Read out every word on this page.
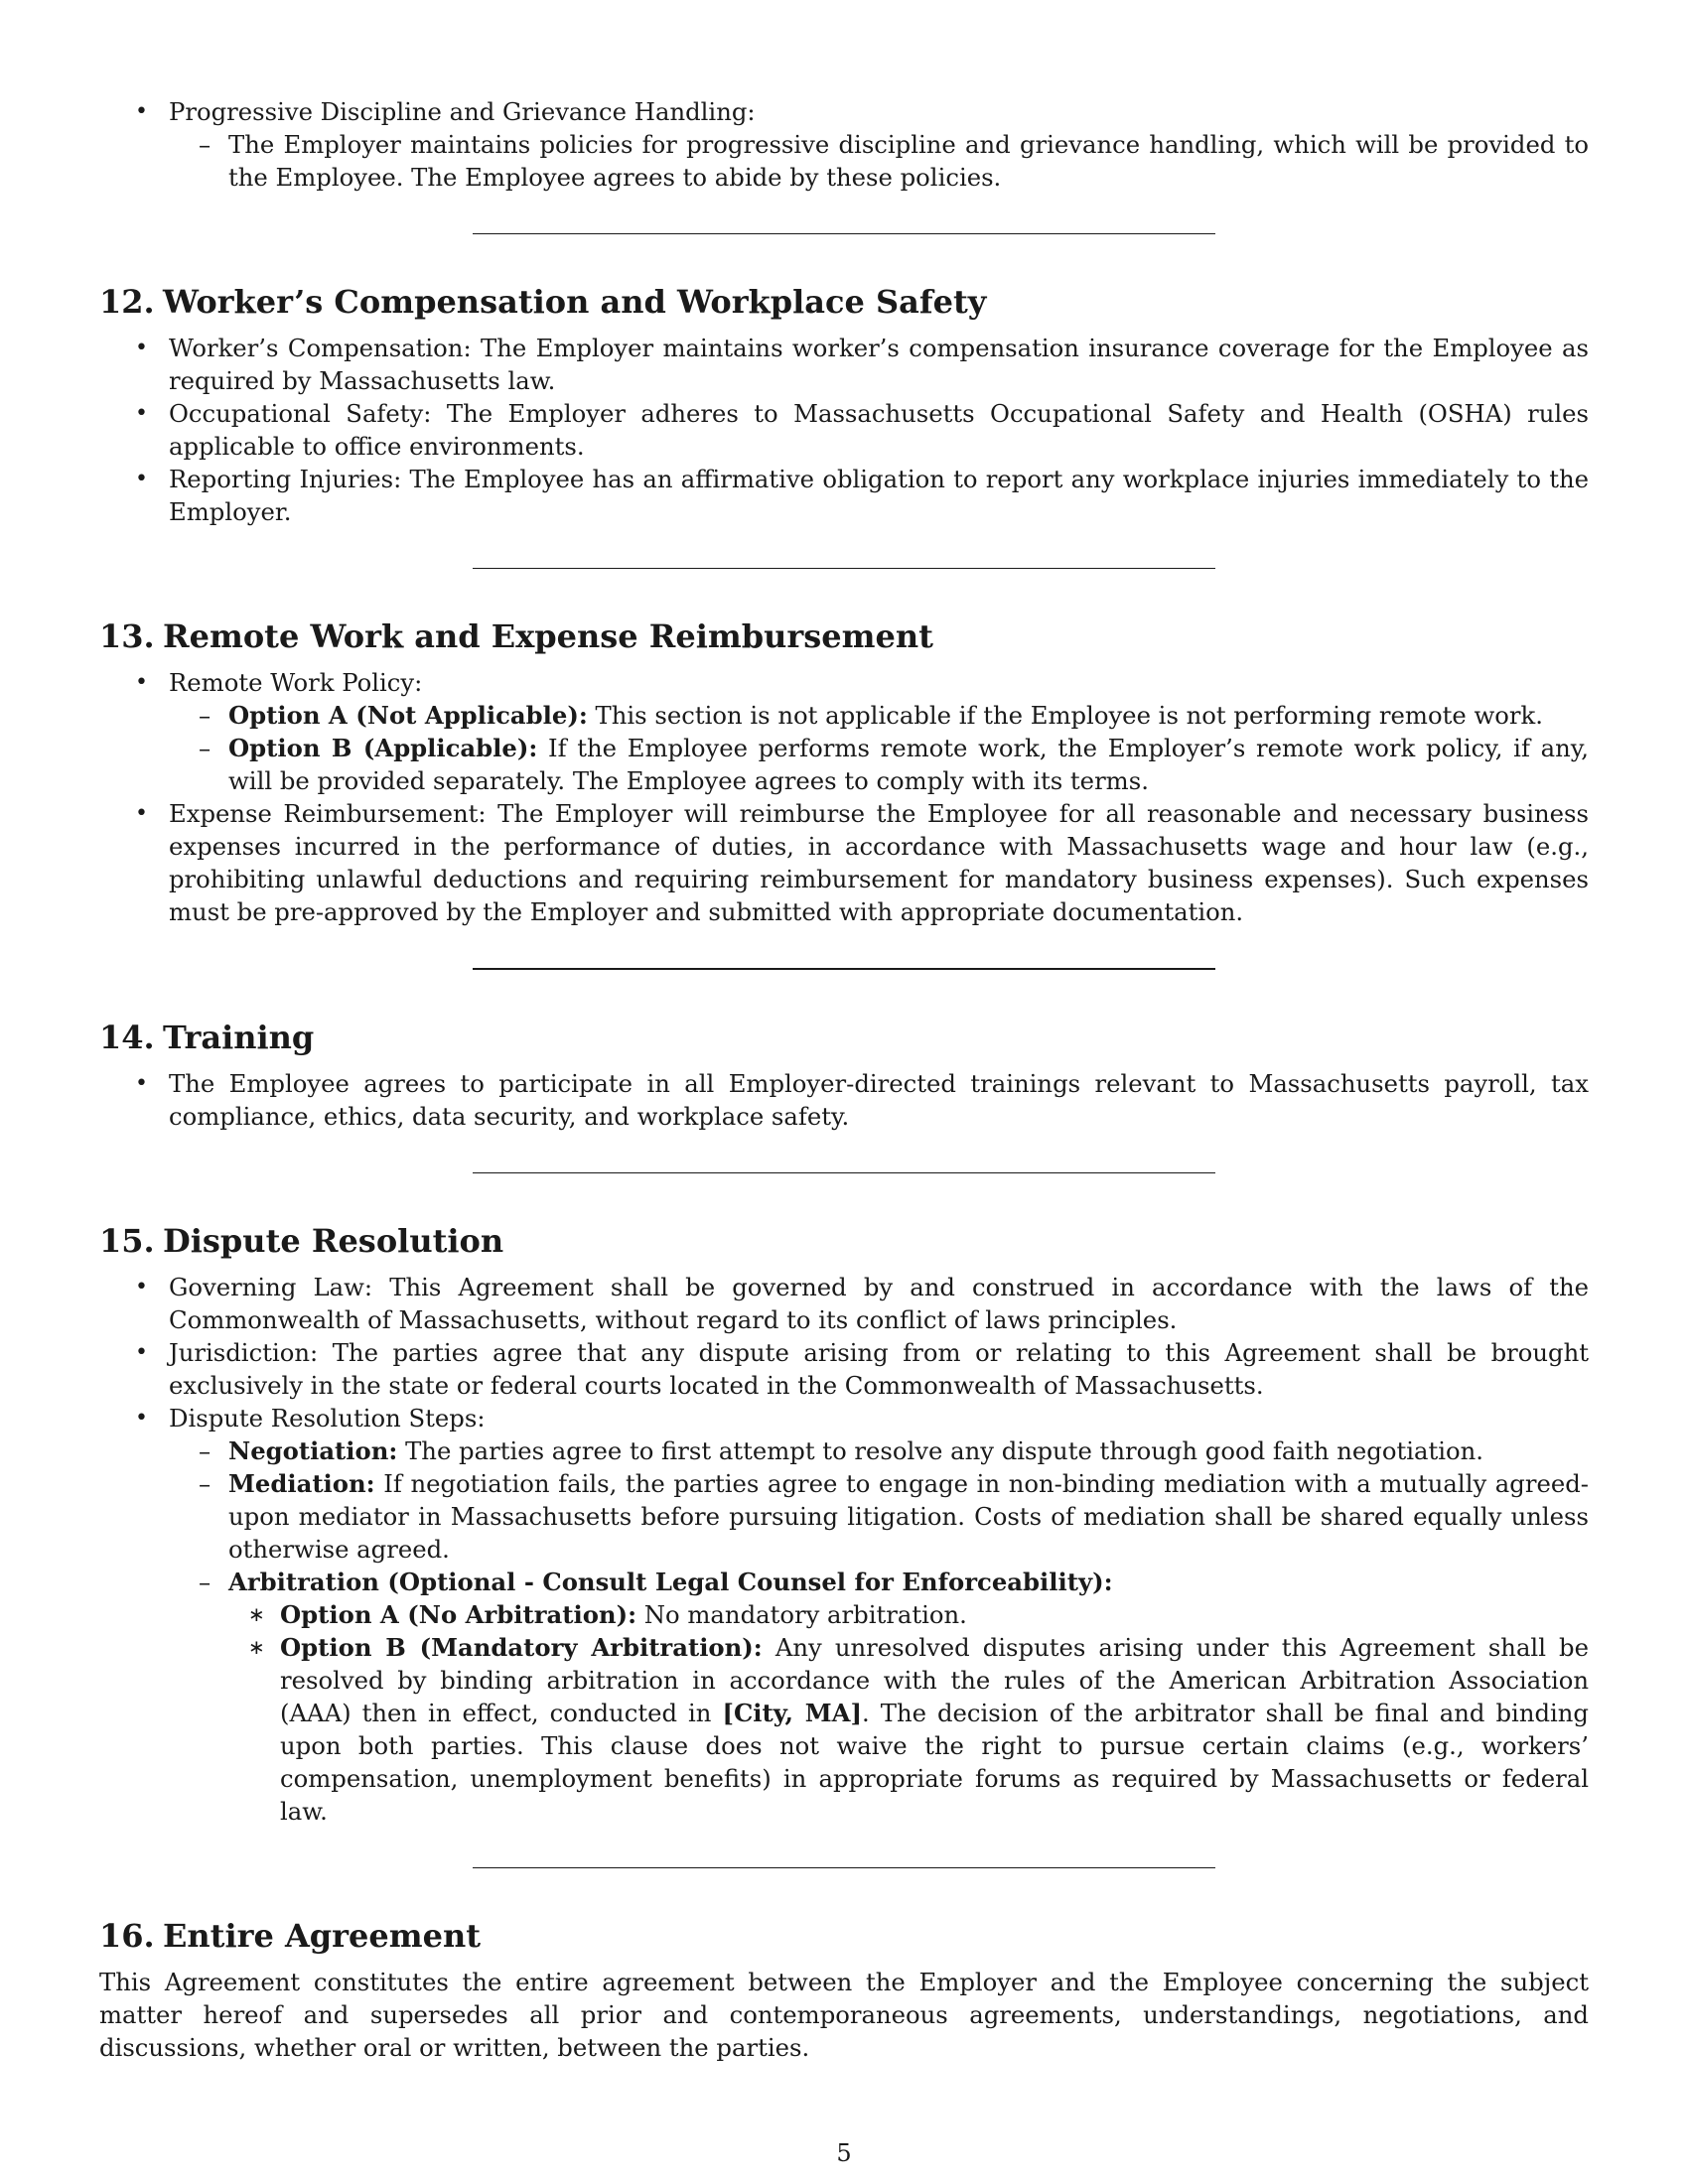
• Progressive Discipline and Grievance Handling:
– The Employer maintains policies for progressive discipline and grievance handling, which will be provided to the Employee. The Employee agrees to abide by these policies.
12. Worker’s Compensation and Workplace Safety
• Worker’s Compensation: The Employer maintains worker’s compensation insurance coverage for the Employee as required by Massachusetts law.
• Occupational Safety: The Employer adheres to Massachusetts Occupational Safety and Health (OSHA) rules applicable to office environments.
• Reporting Injuries: The Employee has an affirmative obligation to report any workplace injuries immediately to the Employer.
13. Remote Work and Expense Reimbursement
• Remote Work Policy:
– Option A (Not Applicable): This section is not applicable if the Employee is not performing remote work.
– Option B (Applicable): If the Employee performs remote work, the Employer’s remote work policy, if any, will be provided separately. The Employee agrees to comply with its terms.
• Expense Reimbursement: The Employer will reimburse the Employee for all reasonable and necessary business expenses incurred in the performance of duties, in accordance with Massachusetts wage and hour law (e.g., prohibiting unlawful deductions and requiring reimbursement for mandatory business expenses). Such expenses must be pre-approved by the Employer and submitted with appropriate documentation.
14. Training
• The Employee agrees to participate in all Employer-directed trainings relevant to Massachusetts payroll, tax compliance, ethics, data security, and workplace safety.
15. Dispute Resolution
• Governing Law: This Agreement shall be governed by and construed in accordance with the laws of the Commonwealth of Massachusetts, without regard to its conflict of laws principles.
• Jurisdiction: The parties agree that any dispute arising from or relating to this Agreement shall be brought exclusively in the state or federal courts located in the Commonwealth of Massachusetts.
• Dispute Resolution Steps:
– Negotiation: The parties agree to first attempt to resolve any dispute through good faith negotiation.
– Mediation: If negotiation fails, the parties agree to engage in non-binding mediation with a mutually agreed-upon mediator in Massachusetts before pursuing litigation. Costs of mediation shall be shared equally unless otherwise agreed.
– Arbitration (Optional - Consult Legal Counsel for Enforceability):
∗ Option A (No Arbitration): No mandatory arbitration.
∗ Option B (Mandatory Arbitration): Any unresolved disputes arising under this Agreement shall be resolved by binding arbitration in accordance with the rules of the American Arbitration Association (AAA) then in effect, conducted in [City, MA]. The decision of the arbitrator shall be final and binding upon both parties. This clause does not waive the right to pursue certain claims (e.g., workers’ compensation, unemployment benefits) in appropriate forums as required by Massachusetts or federal law.
16. Entire Agreement
This Agreement constitutes the entire agreement between the Employer and the Employee concerning the subject matter hereof and supersedes all prior and contemporaneous agreements, understandings, negotiations, and discussions, whether oral or written, between the parties.
5
